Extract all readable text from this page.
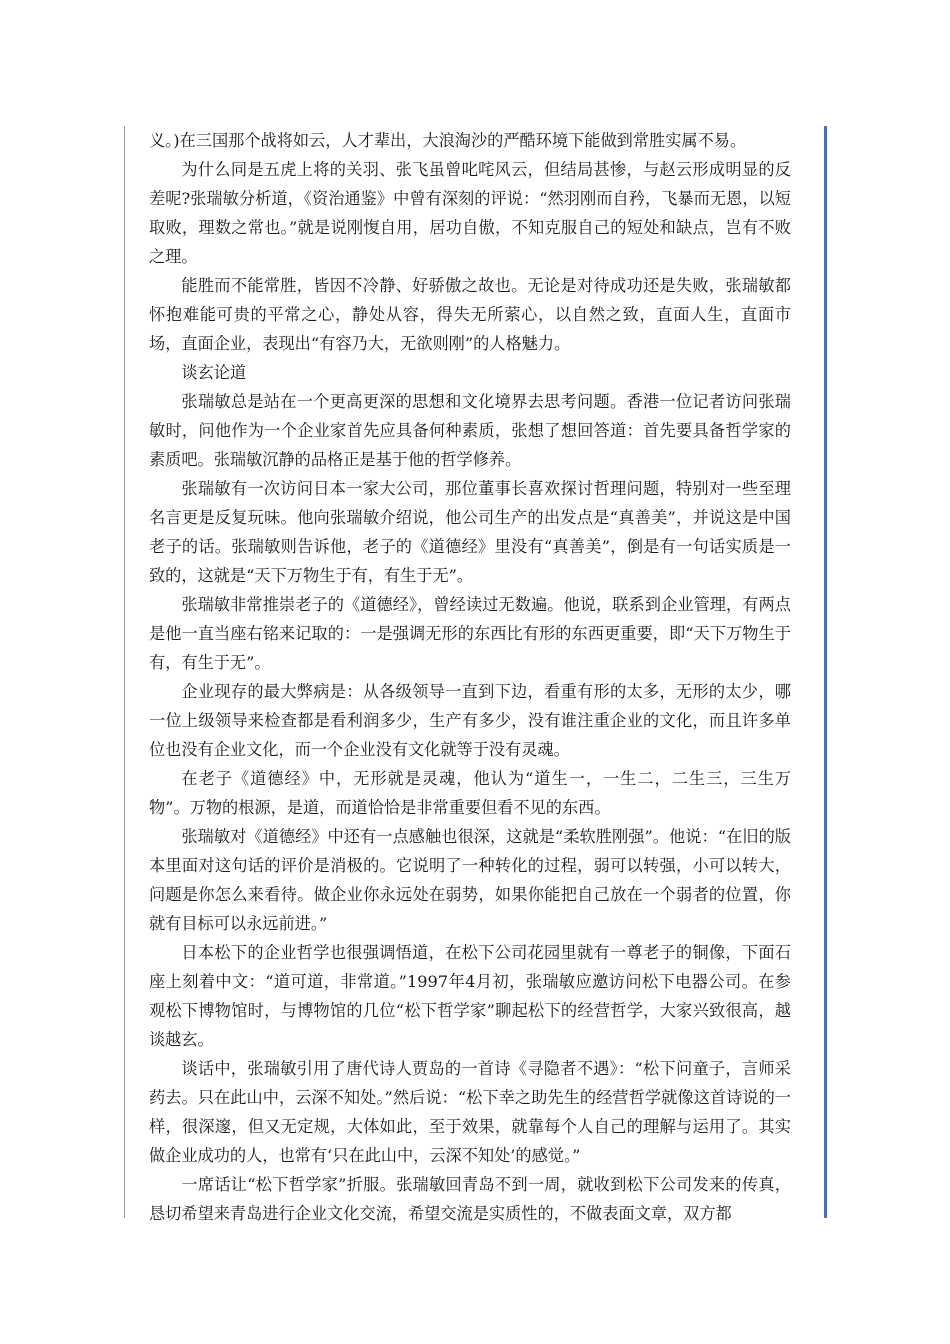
义。)在三国那个战将如云，人才辈出，大浪淘沙的严酷环境下能做到常胜实属不易。

为什么同是五虎上将的关羽、张飞虽曾叱咤风云，但结局甚惨，与赵云形成明显的反差呢?张瑞敏分析道，《资治通鉴》中曾有深刻的评说：“然羽刚而自矜，飞暴而无恩，以短取败，理数之常也。”就是说刚愎自用，居功自傲，不知克服自己的短处和缺点，岂有不败之理。

能胜而不能常胜，皆因不冷静、好骄傲之故也。无论是对待成功还是失败，张瑞敏都怀抱难能可贵的平常之心，静处从容，得失无所萦心，以自然之致，直面人生，直面市场，直面企业，表现出“有容乃大，无欲则刚”的人格魅力。

谈玄论道

张瑞敏总是站在一个更高更深的思想和文化境界去思考问题。香港一位记者访问张瑞敏时，问他作为一个企业家首先应具备何种素质，张想了想回答道：首先要具备哲学家的素质吧。张瑞敏沉静的品格正是基于他的哲学修养。

张瑞敏有一次访问日本一家大公司，那位董事长喜欢探讨哲理问题，特别对一些至理名言更是反复玩味。他向张瑞敏介绍说，他公司生产的出发点是“真善美”，并说这是中国老子的话。张瑞敏则告诉他，老子的《道德经》里没有“真善美”，倒是有一句话实质是一致的，这就是“天下万物生于有，有生于无”。

张瑞敏非常推崇老子的《道德经》，曾经读过无数遍。他说，联系到企业管理，有两点是他一直当座右铭来记取的：一是强调无形的东西比有形的东西更重要，即“天下万物生于有，有生于无”。

企业现存的最大弊病是：从各级领导一直到下边，看重有形的太多，无形的太少，哪一位上级领导来检查都是看利润多少，生产有多少，没有谁注重企业的文化，而且许多单位也没有企业文化，而一个企业没有文化就等于没有灵魂。

在老子《道德经》中，无形就是灵魂，他认为“道生一，一生二，二生三，三生万物”。万物的根源，是道，而道恰恰是非常重要但看不见的东西。

张瑞敏对《道德经》中还有一点感触也很深，这就是“柔软胜刚强”。他说：“在旧的版本里面对这句话的评价是消极的。它说明了一种转化的过程，弱可以转强，小可以转大，问题是你怎么来看待。做企业你永远处在弱势，如果你能把自己放在一个弱者的位置，你就有目标可以永远前进。”

日本松下的企业哲学也很强调悟道，在松下公司花园里就有一尊老子的铜像，下面石座上刻着中文：“道可道，非常道。”1997年4月初，张瑞敏应邀访问松下电器公司。在参观松下博物馆时，与博物馆的几位“松下哲学家”聊起松下的经营哲学，大家兴致很高，越谈越玄。

谈话中，张瑞敏引用了唐代诗人贾岛的一首诗《寻隐者不遇》：“松下问童子，言师采药去。只在此山中，云深不知处。”然后说：“松下幸之助先生的经营哲学就像这首诗说的一样，很深邃，但又无定规，大体如此，至于效果，就靠每个人自己的理解与运用了。其实做企业成功的人，也常有‘只在此山中，云深不知处’的感觉。”

一席话让“松下哲学家”折服。张瑞敏回青岛不到一周，就收到松下公司发来的传真，恳切希望来青岛进行企业文化交流，希望交流是实质性的，不做表面文章，双方都
